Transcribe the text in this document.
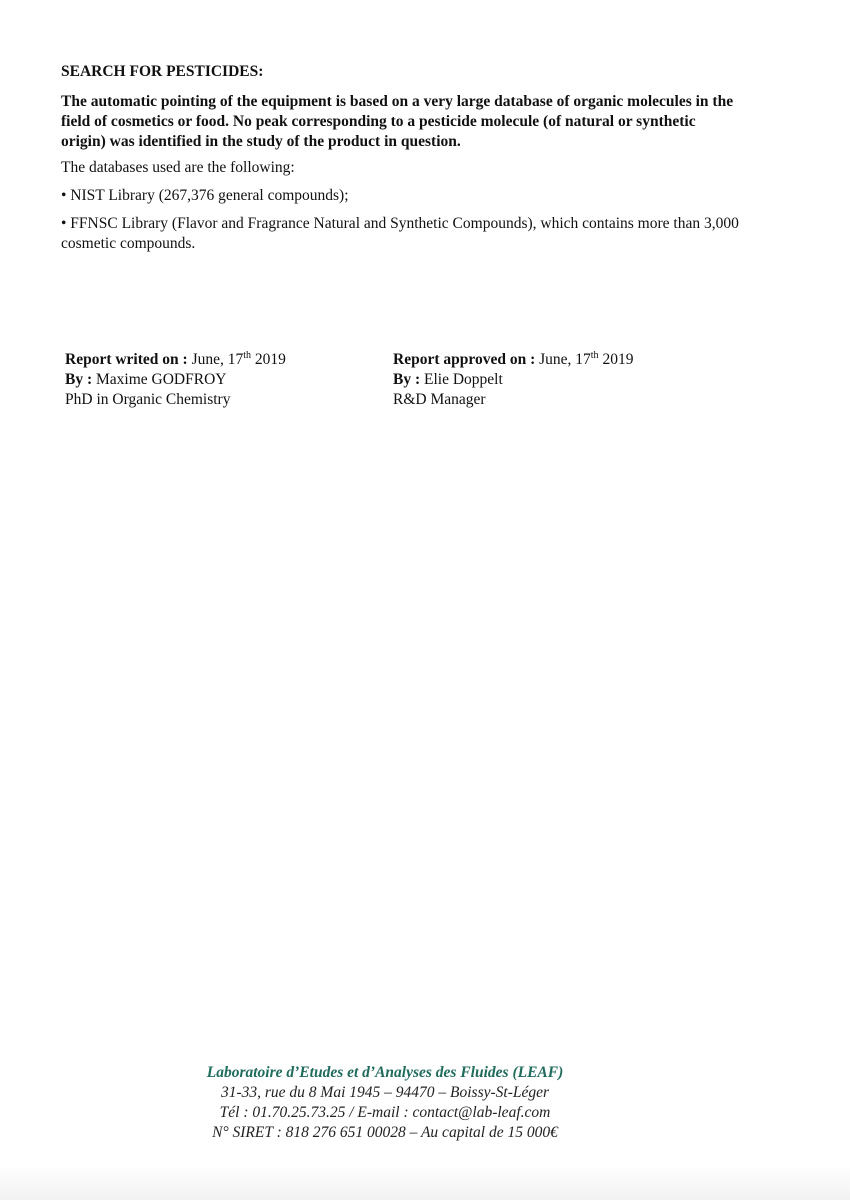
SEARCH FOR PESTICIDES:
The automatic pointing of the equipment is based on a very large database of organic molecules in the field of cosmetics or food. No peak corresponding to a pesticide molecule (of natural or synthetic origin) was identified in the study of the product in question.
The databases used are the following:
• NIST Library (267,376 general compounds);
• FFNSC Library (Flavor and Fragrance Natural and Synthetic Compounds), which contains more than 3,000 cosmetic compounds.
Report writed on : June, 17th 2019
By : Maxime GODFROY
PhD in Organic Chemistry
Report approved on : June, 17th 2019
By : Elie Doppelt
R&D Manager
Laboratoire d’Etudes et d’Analyses des Fluides (LEAF)
31-33, rue du 8 Mai 1945 – 94470 – Boissy-St-Léger
Tél : 01.70.25.73.25 / E-mail : contact@lab-leaf.com
N° SIRET : 818 276 651 00028 – Au capital de 15 000€
